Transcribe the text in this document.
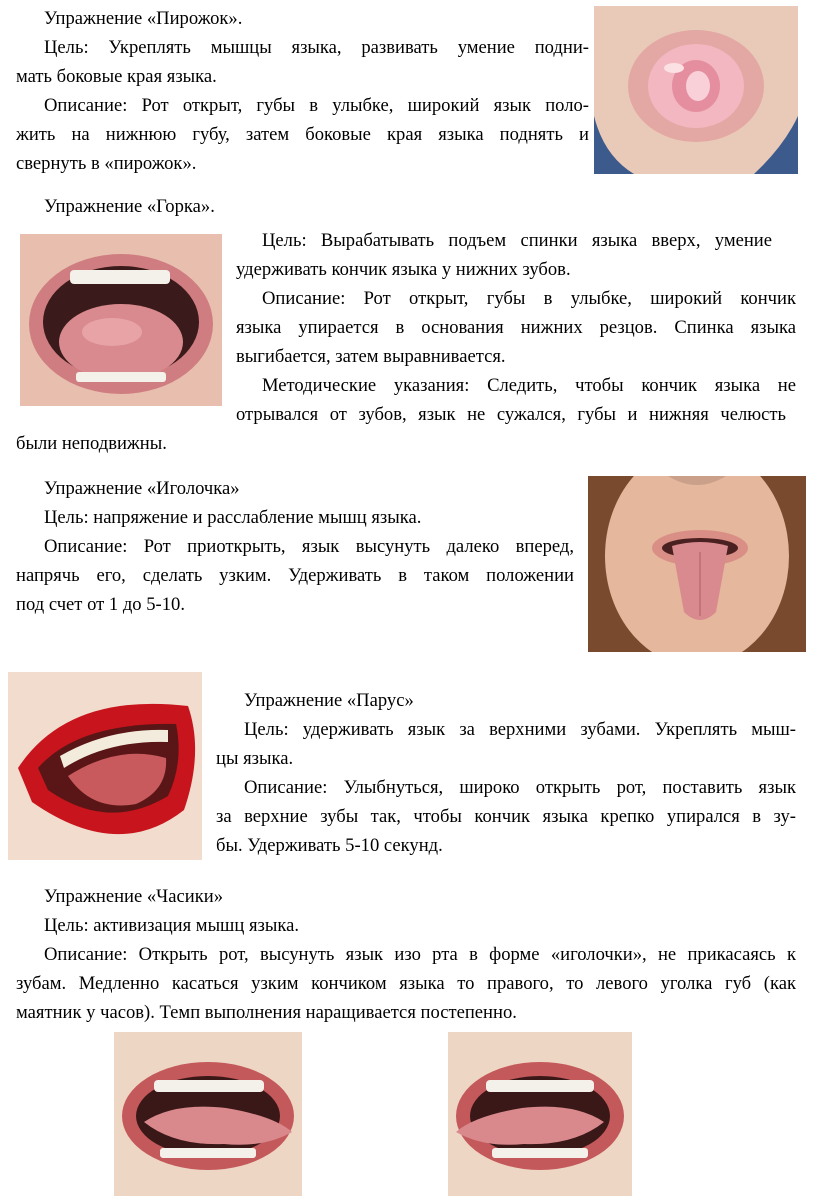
Упражнение «Пирожок».

Цель: Укреплять мышцы языка, развивать умение подни-

мать боковые края языка.

Описание: Рот открыт, губы в улыбке, широкий язык поло-

жить на нижнюю губу, затем боковые края языка поднять и

свернуть в «пирожок».

Упражнение «Горка».

Цель: Вырабатывать подъем спинки языка вверх, умение

удерживать кончик языка у нижних зубов.

Описание: Рот открыт, губы в улыбке, широкий кончик

языка упирается в основания нижних резцов. Спинка языка

выгибается, затем выравнивается.

Методические указания: Следить, чтобы кончик языка не

отрывался от зубов, язык не сужался, губы и нижняя челюсть

были неподвижны.

Упражнение «Иголочка»

Цель: напряжение и расслабление мышц языка.

Описание: Рот приоткрыть, язык высунуть далеко вперед,

напрячь его, сделать узким. Удерживать в таком положении

под счет от 1 до 5-10.

Упражнение «Парус»

Цель: удерживать язык за верхними зубами. Укреплять мыш-

цы языка.

Описание: Улыбнуться, широко открыть рот, поставить язык

за верхние зубы так, чтобы кончик языка крепко упирался в зу-

бы. Удерживать 5-10 секунд.

Упражнение «Часики»

Цель: активизация мышц языка.

Описание: Открыть рот, высунуть язык изо рта в форме «иголочки», не прикасаясь к

зубам. Медленно касаться узким кончиком языка то правого, то левого уголка губ (как

маятник у часов). Темп выполнения наращивается постепенно.
